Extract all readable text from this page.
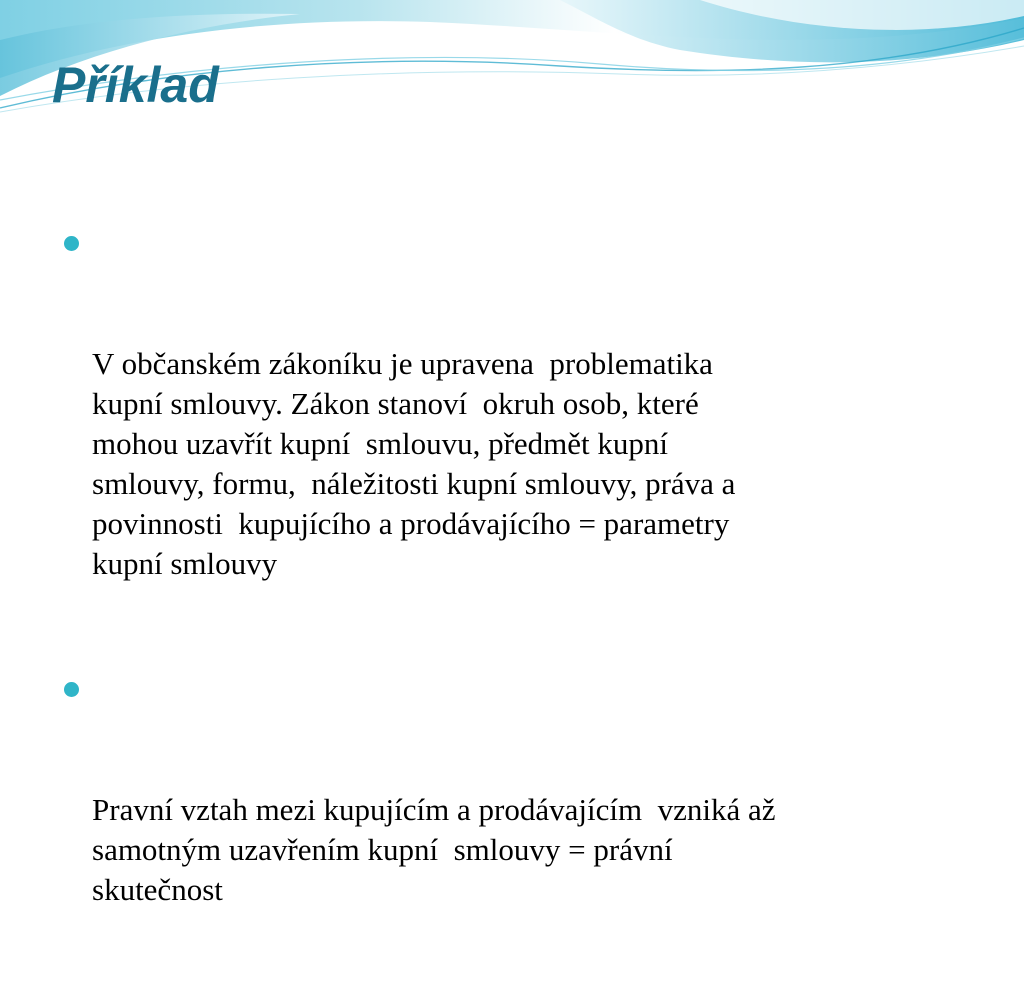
Příklad

V občanském zákoníku je upravena  problematika
kupní smlouvy. Zákon stanoví  okruh osob, které
mohou uzavřít kupní  smlouvu, předmět kupní
smlouvy, formu,  náležitosti kupní smlouvy, práva a
povinnosti  kupujícího a prodávajícího = parametry
kupní smlouvy

Pravní vztah mezi kupujícím a prodávajícím  vzniká až
samotným uzavřením kupní  smlouvy = právní
skutečnost
